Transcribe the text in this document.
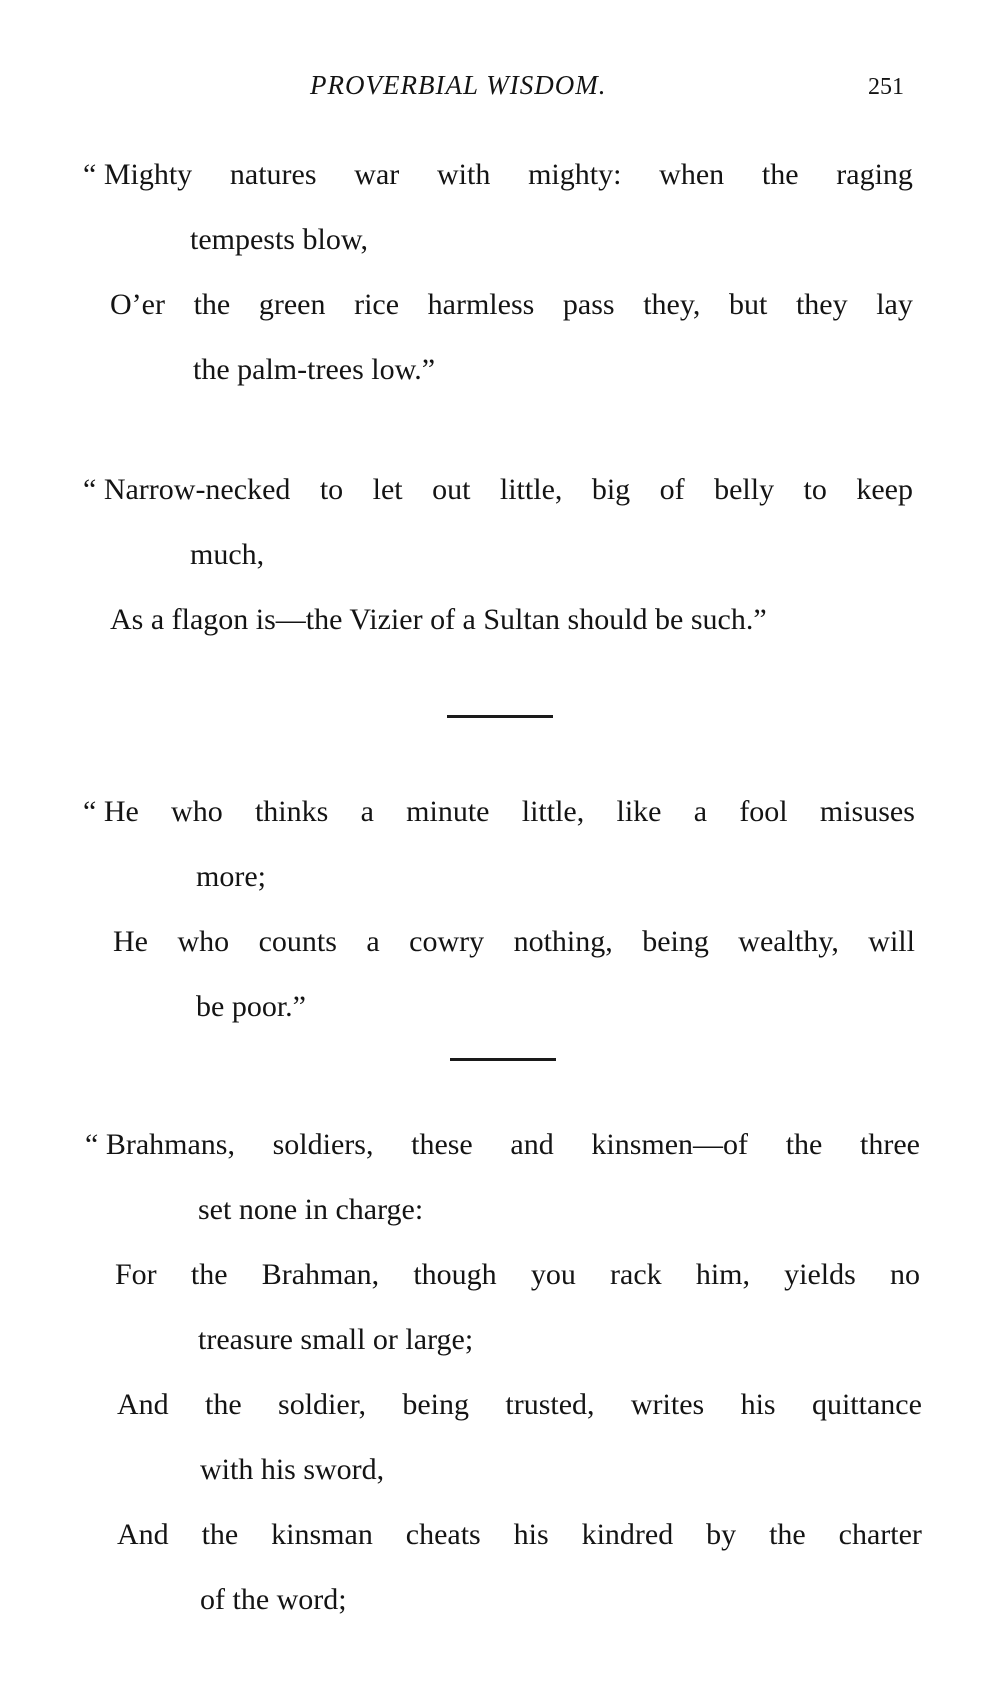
PROVERBIAL WISDOM.	251
“ Mighty natures war with mighty: when the raging
tempests blow,
O’er the green rice harmless pass they, but they lay
the palm-trees low.”
“ Narrow-necked to let out little, big of belly to keep
much,
As a flagon is—the Vizier of a Sultan should be such.”
“ He who thinks a minute little, like a fool misuses
more;
He who counts a cowry nothing, being wealthy, will
be poor.”
“ Brahmans, soldiers, these and kinsmen—of the three
set none in charge:
For the Brahman, though you rack him, yields no
treasure small or large;
And the soldier, being trusted, writes his quittance
with his sword,
And the kinsman cheats his kindred by the charter
of the word;
